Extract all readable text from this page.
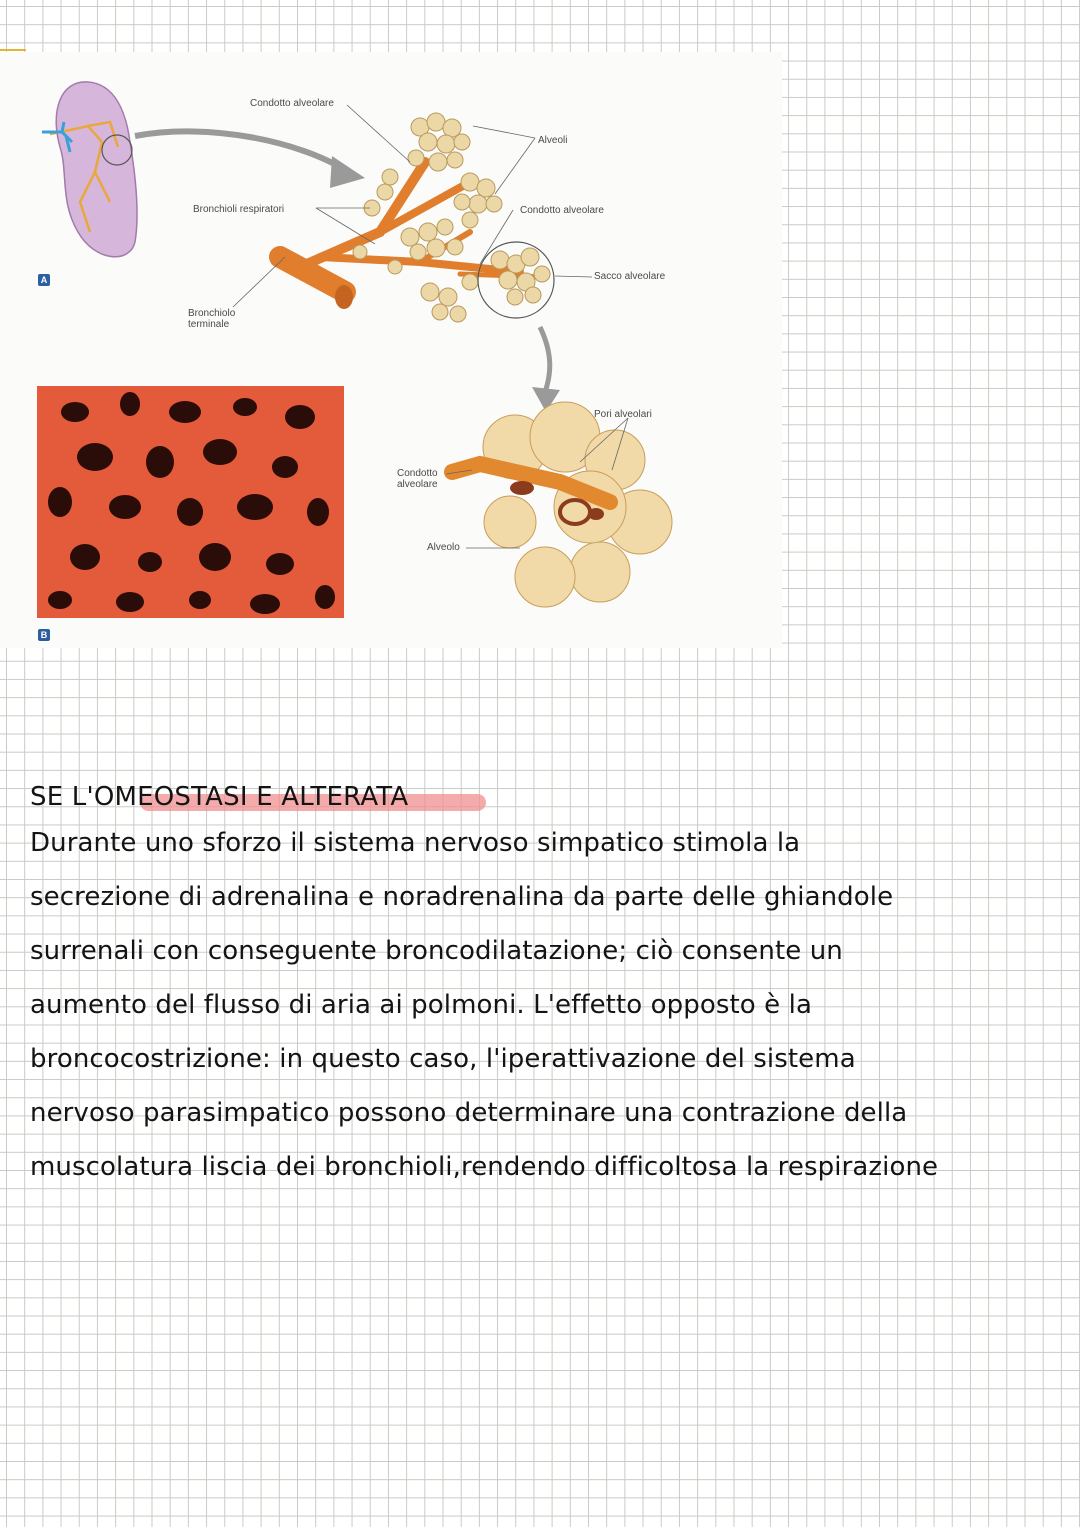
Condotto alveolare
Alveoli
Bronchioli respiratori	Condotto alveolare
Sacco alveolare
Bronchiolo
terminale
Pori alveolari
Condotto
alveolare
Alveolo
A
B
SE L'OMEOSTASI E ALTERATA

Durante uno sforzo il sistema nervoso simpatico stimola la
secrezione di adrenalina e noradrenalina da parte delle ghiandole
surrenali con conseguente broncodilatazione; ciò consente un
aumento del flusso di aria ai polmoni. L'effetto opposto è la
broncocostrizione: in questo caso, l'iperattivazione del sistema
nervoso parasimpatico possono determinare una contrazione della
muscolatura liscia dei bronchioli,rendendo difficoltosa la respirazione
